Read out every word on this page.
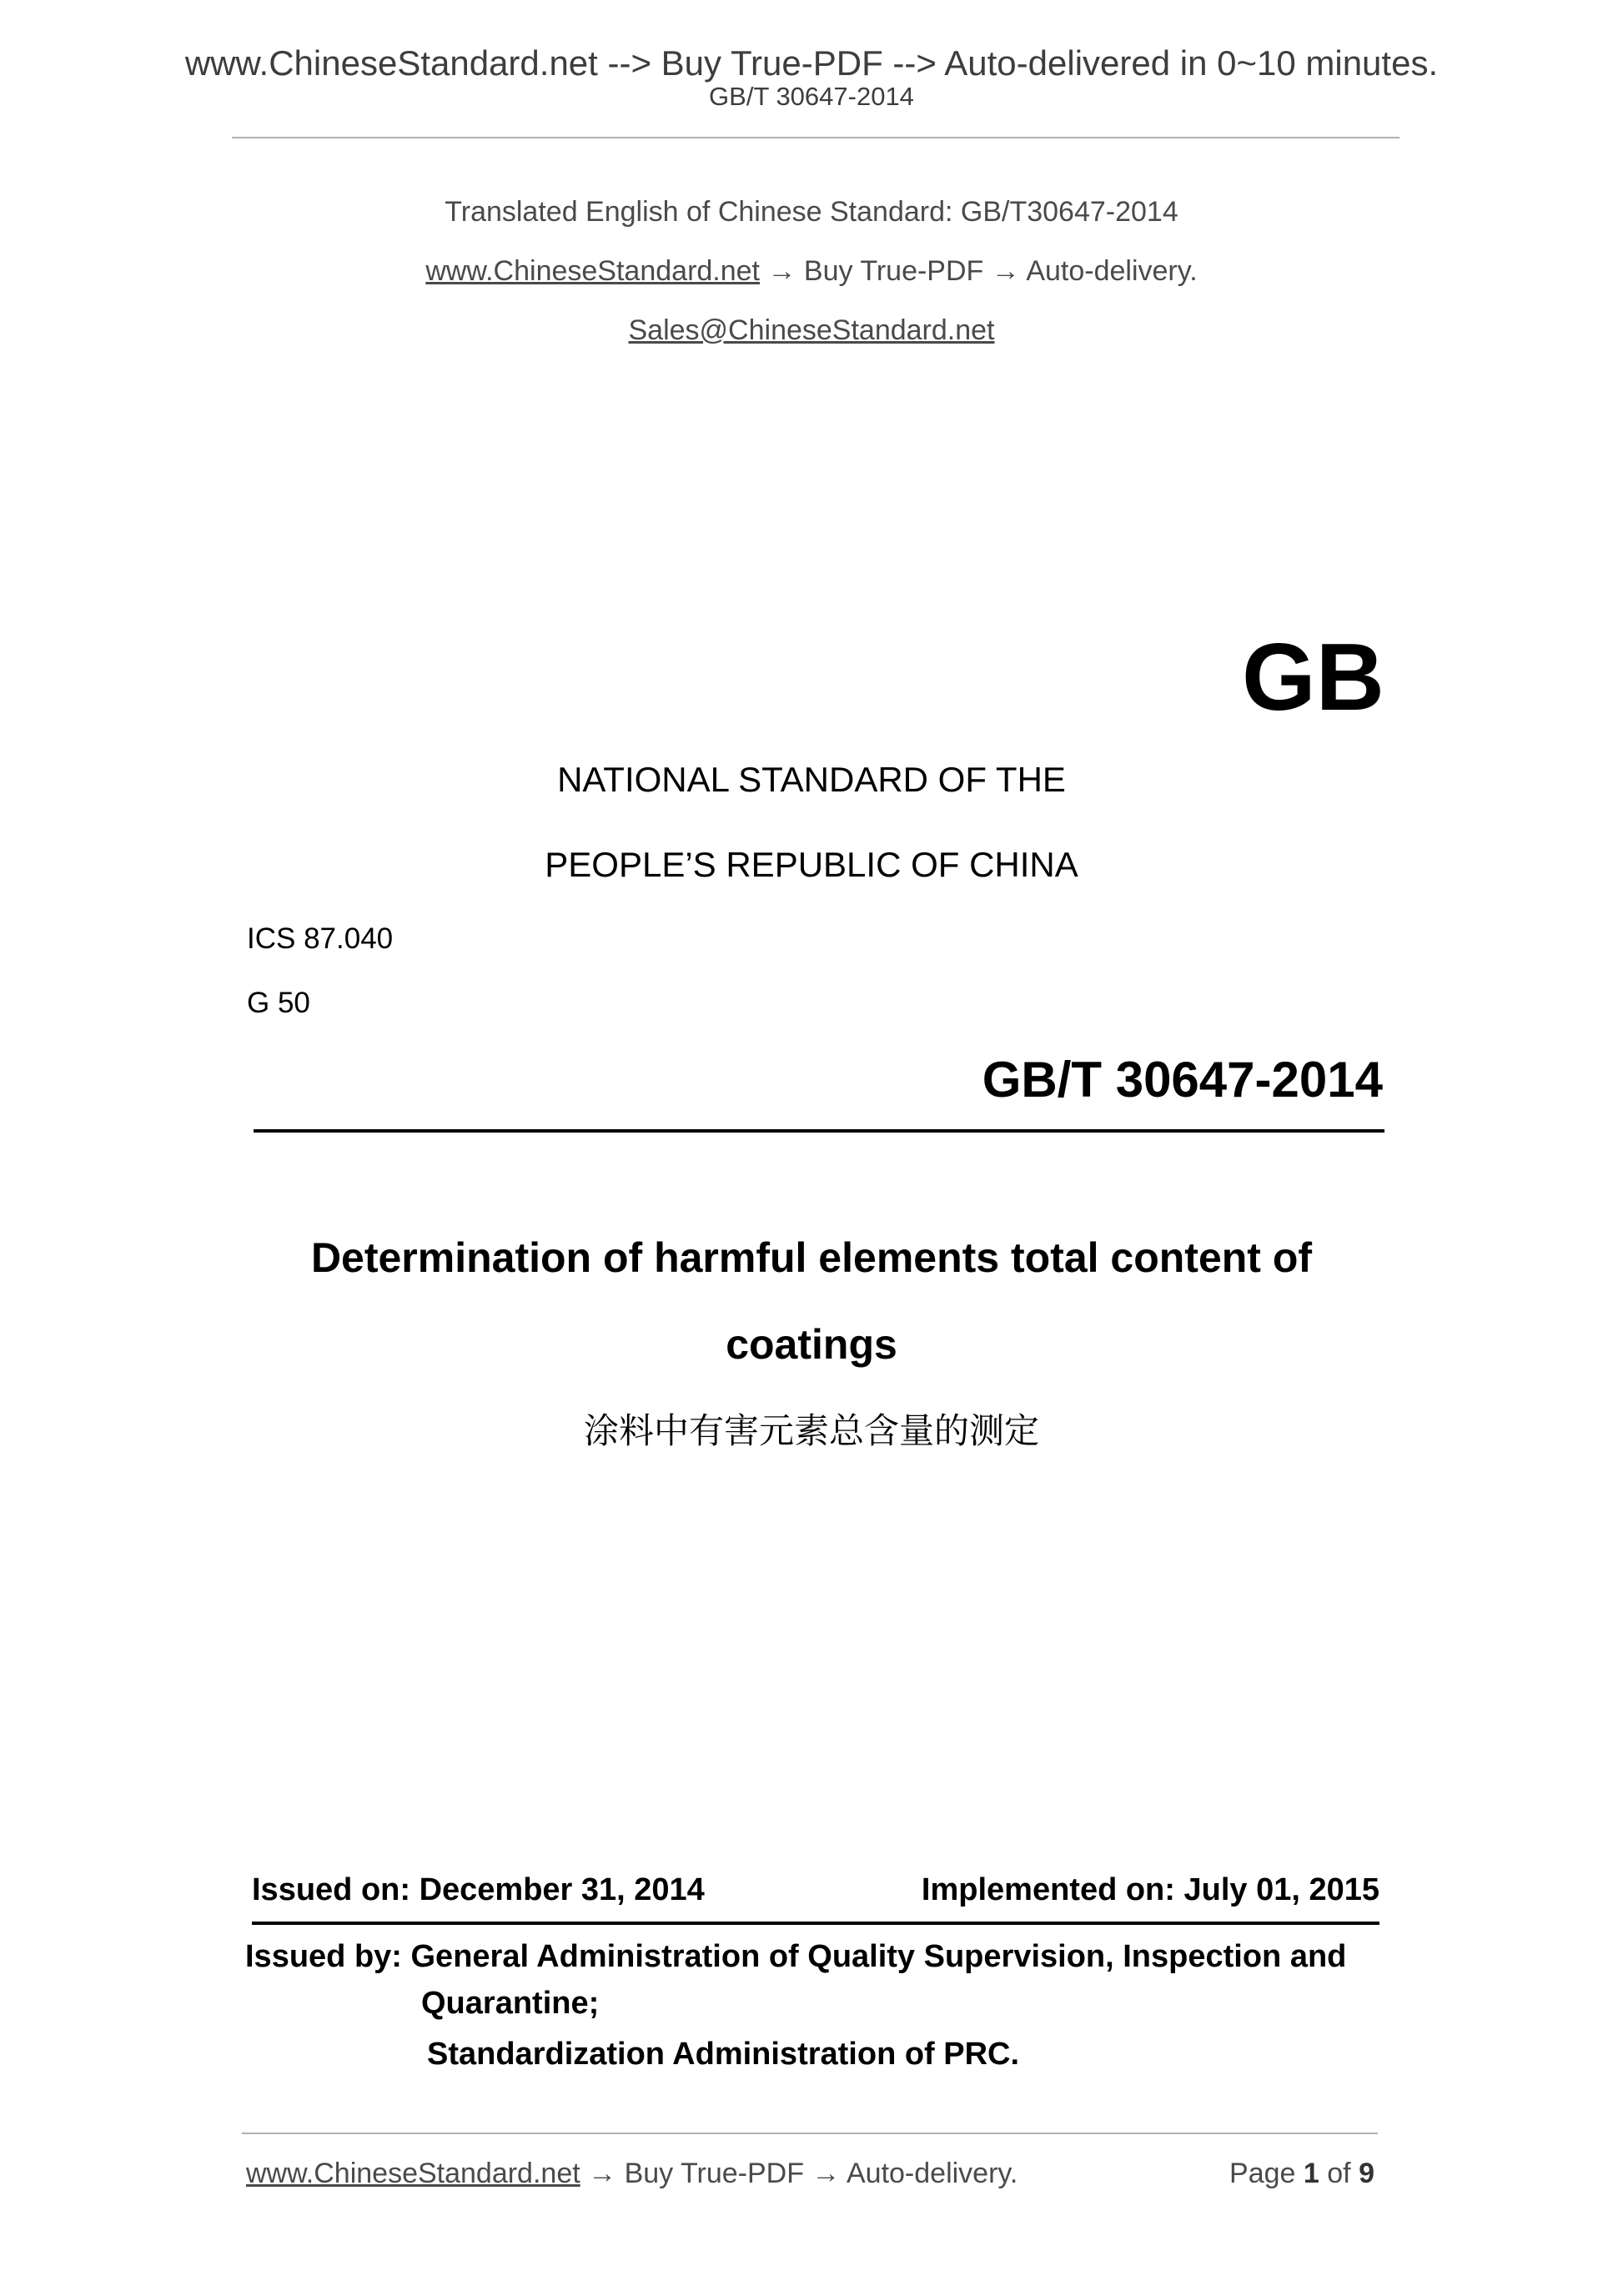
www.ChineseStandard.net --> Buy True-PDF --> Auto-delivered in 0~10 minutes.
GB/T 30647-2014
Translated English of Chinese Standard: GB/T30647-2014
www.ChineseStandard.net → Buy True-PDF → Auto-delivery.
Sales@ChineseStandard.net
GB
NATIONAL STANDARD OF THE
PEOPLE’S REPUBLIC OF CHINA
ICS 87.040
G 50
GB/T 30647-2014
Determination of harmful elements total content of
coatings
涂料中有害元素总含量的测定
Issued on: December 31, 2014	Implemented on: July 01, 2015
Issued by: General Administration of Quality Supervision, Inspection and
Quarantine;
Standardization Administration of PRC.
www.ChineseStandard.net → Buy True-PDF → Auto-delivery.	Page 1 of 9
